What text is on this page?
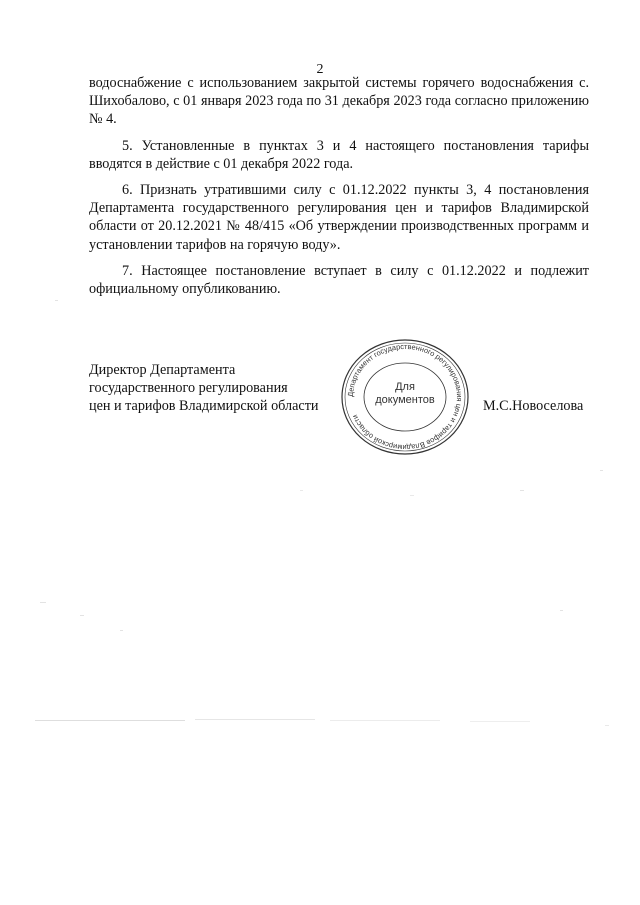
2

водоснабжение с использованием закрытой системы горячего водоснабжения с. Шихобалово, с 01 января 2023 года по 31 декабря 2023 года согласно приложению № 4.

5. Установленные в пунктах 3 и 4 настоящего постановления тарифы вводятся в действие с 01 декабря 2022 года.

6. Признать утратившими силу с 01.12.2022 пункты 3, 4 постановления Департамента государственного регулирования цен и тарифов Владимирской области от 20.12.2021 № 48/415 «Об утверждении производственных программ и установлении тарифов на горячую воду».

7. Настоящее постановление вступает в силу с 01.12.2022 и подлежит официальному опубликованию.

Директор Департамента
государственного регулирования
цен и тарифов Владимирской области
Департамент государственного регулирования цен и тарифов Владимирской области
Для
документов	М.С.Новоселова
